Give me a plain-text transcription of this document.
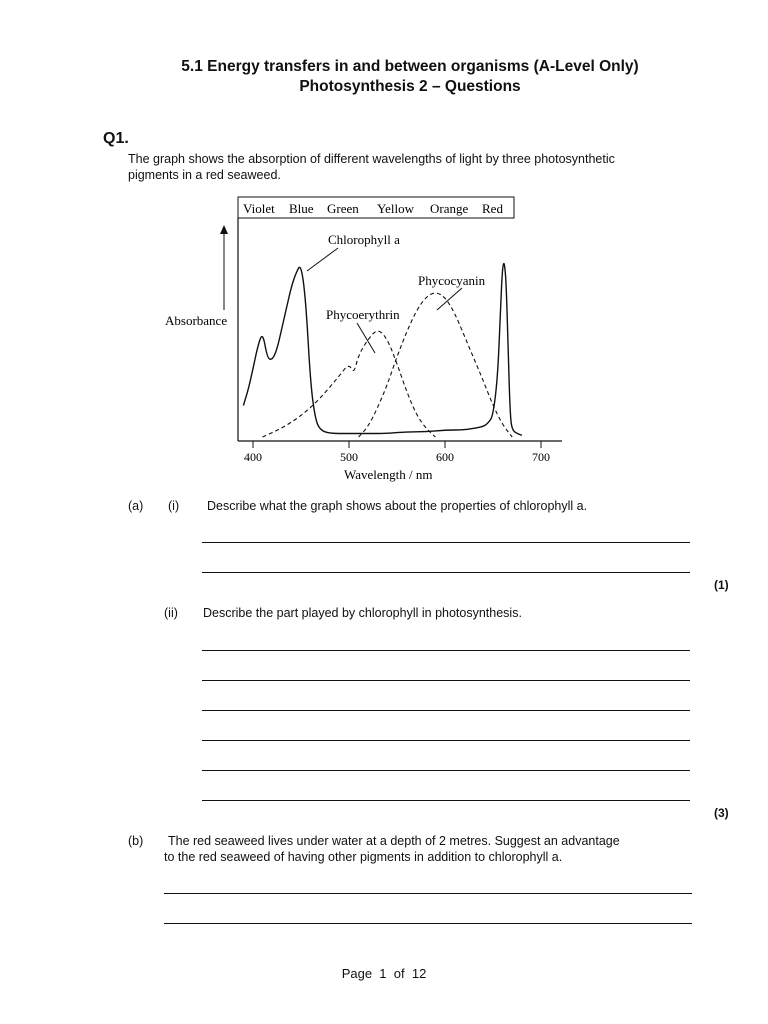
5.1 Energy transfers in and between organisms (A-Level Only)
Photosynthesis 2 – Questions
Q1.
The graph shows the absorption of different wavelengths of light by three photosynthetic
pigments in a red seaweed.
Violet Blue Green Yellow Orange Red
400	500	600	700
Absorbance
Wavelength / nm
Chlorophyll a
Phycocyanin
Phycoerythrin
(a) (i) Describe what the graph shows about the properties of chlorophyll a.
(1)
(ii) Describe the part played by chlorophyll in photosynthesis.
(3)
(b) The red seaweed lives under water at a depth of 2 metres. Suggest an advantage
to the red seaweed of having other pigments in addition to chlorophyll a.
Page 1 of 12
